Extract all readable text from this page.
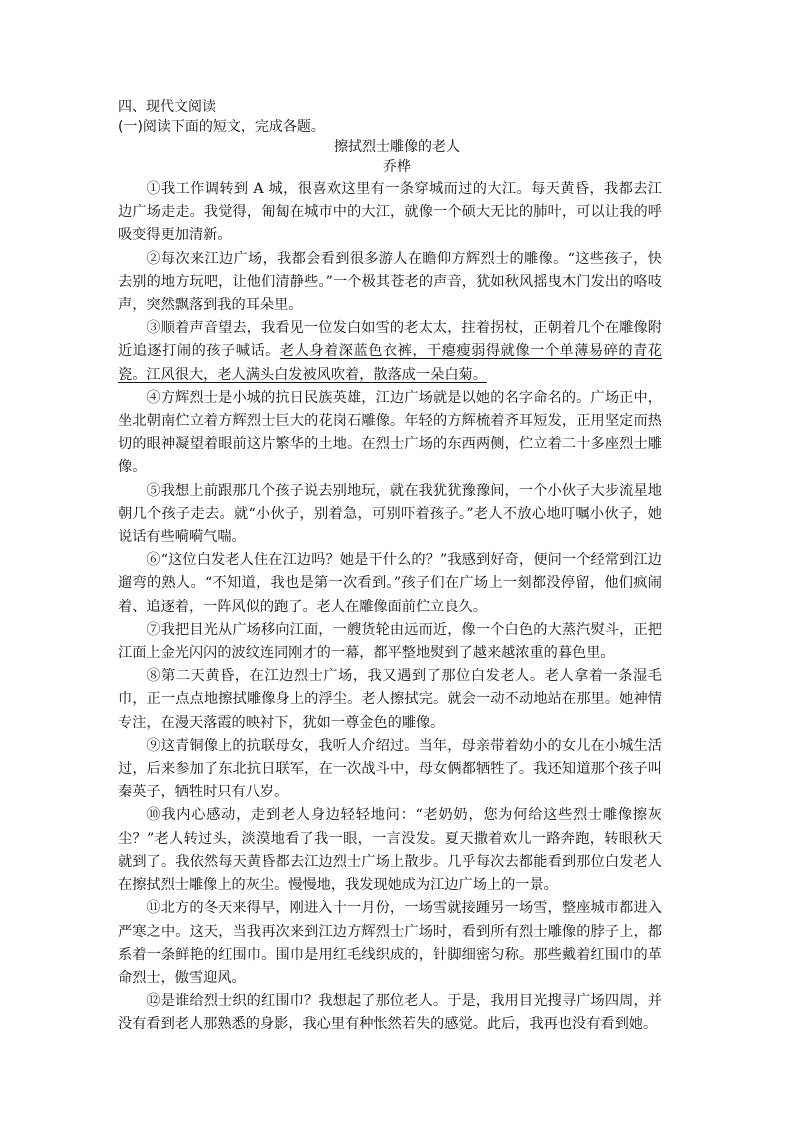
四、现代文阅读
(一)阅读下面的短文，完成各题。
擦拭烈士雕像的老人
乔桦

①我工作调转到 A 城，很喜欢这里有一条穿城而过的大江。每天黄昏，我都去江边广场走走。我觉得，匍匐在城市中的大江，就像一个硕大无比的肺叶，可以让我的呼吸变得更加清新。

②每次来江边广场，我都会看到很多游人在瞻仰方辉烈士的雕像。“这些孩子，快去别的地方玩吧，让他们清静些。”一个极其苍老的声音，犹如秋风摇曳木门发出的咯吱声，突然飘落到我的耳朵里。

③顺着声音望去，我看见一位发白如雪的老太太，拄着拐杖，正朝着几个在雕像附近追逐打闹的孩子喊话。老人身着深蓝色衣裤，干瘪瘦弱得就像一个单薄易碎的青花瓷。江风很大，老人满头白发被风吹着，散落成一朵白菊。

④方辉烈士是小城的抗日民族英雄，江边广场就是以她的名字命名的。广场正中，坐北朝南伫立着方辉烈士巨大的花岗石雕像。年轻的方辉梳着齐耳短发，正用坚定而热切的眼神凝望着眼前这片繁华的土地。在烈士广场的东西两侧，伫立着二十多座烈士雕像。

⑤我想上前跟那几个孩子说去别地玩，就在我犹犹豫豫间，一个小伙子大步流星地朝几个孩子走去。就“小伙子，别着急，可别吓着孩子。”老人不放心地叮嘱小伙子，她说话有些嗬嗬气喘。

⑥“这位白发老人住在江边吗？她是干什么的？”我感到好奇，便问一个经常到江边遛弯的熟人。“不知道，我也是第一次看到。”孩子们在广场上一刻都没停留，他们疯闹着、追逐着，一阵风似的跑了。老人在雕像面前伫立良久。

⑦我把目光从广场移向江面，一艘货轮由远而近，像一个白色的大蒸汽熨斗，正把江面上金光闪闪的波纹连同刚才的一幕，都平整地熨到了越来越浓重的暮色里。

⑧第二天黄昏，在江边烈士广场，我又遇到了那位白发老人。老人拿着一条湿毛巾，正一点点地擦拭雕像身上的浮尘。老人擦拭完。就会一动不动地站在那里。她神情专注，在漫天落霞的映衬下，犹如一尊金色的雕像。

⑨这青铜像上的抗联母女，我听人介绍过。当年，母亲带着幼小的女儿在小城生活过，后来参加了东北抗日联军，在一次战斗中，母女俩都牺牲了。我还知道那个孩子叫秦英子，牺牲时只有八岁。

⑩我内心感动，走到老人身边轻轻地问：“老奶奶，您为何给这些烈士雕像擦灰尘？”老人转过头，淡漠地看了我一眼，一言没发。夏天撒着欢儿一路奔跑，转眼秋天就到了。我依然每天黄昏都去江边烈士广场上散步。几乎每次去都能看到那位白发老人在擦拭烈士雕像上的灰尘。慢慢地，我发现她成为江边广场上的一景。

⑪北方的冬天来得早，刚进入十一月份，一场雪就接踵另一场雪，整座城市都进入严寒之中。这天，当我再次来到江边方辉烈士广场时，看到所有烈士雕像的脖子上，都系着一条鲜艳的红围巾。围巾是用红毛线织成的，针脚细密匀称。那些戴着红围巾的革命烈士，傲雪迎风。

⑫是谁给烈士织的红围巾？我想起了那位老人。于是，我用目光搜寻广场四周，并没有看到老人那熟悉的身影，我心里有种怅然若失的感觉。此后，我再也没有看到她。
